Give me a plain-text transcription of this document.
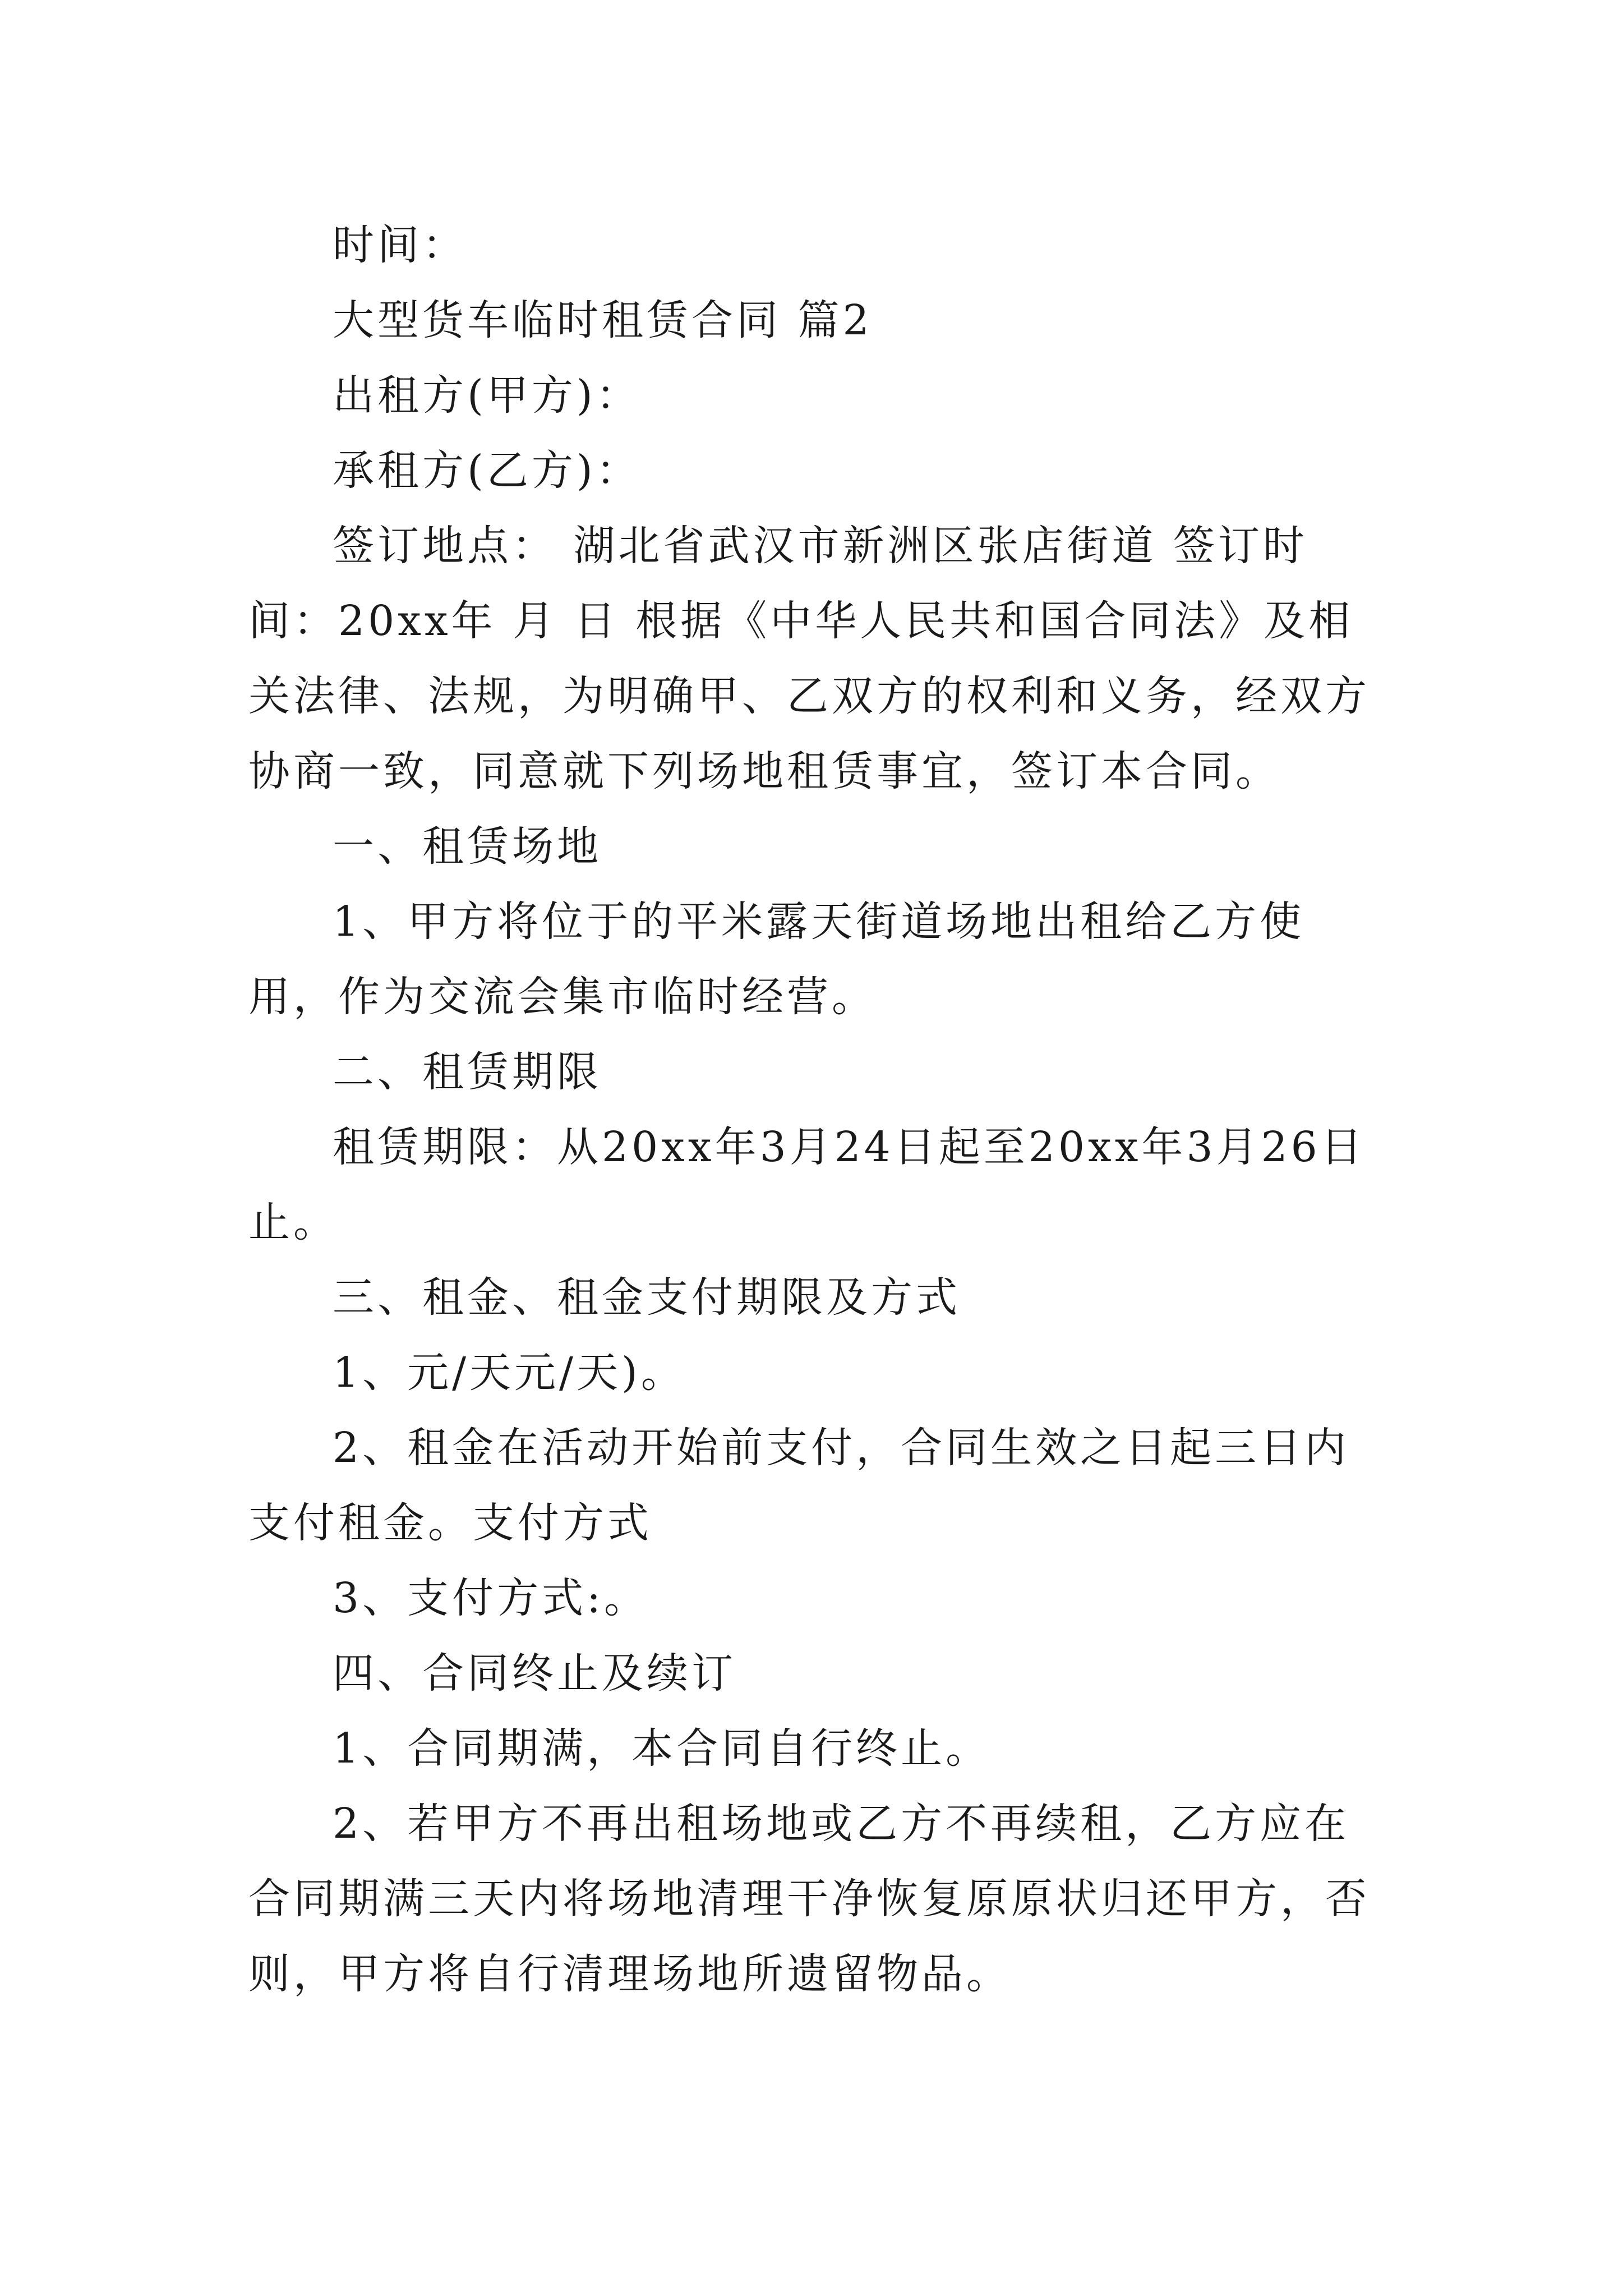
时间：

大型货车临时租赁合同 篇2

出租方(甲方)：

承租方(乙方)：

签订地点： 湖北省武汉市新洲区张店街道 签订时间：20xx年 月 日 根据《中华人民共和国合同法》及相关法律、法规，为明确甲、乙双方的权利和义务，经双方协商一致，同意就下列场地租赁事宜，签订本合同。

一、租赁场地

1、甲方将位于的平米露天街道场地出租给乙方使用，作为交流会集市临时经营。

二、租赁期限

租赁期限：从20xx年3月24日起至20xx年3月26日止。

三、租金、租金支付期限及方式

1、元/天元/天)。

2、租金在活动开始前支付，合同生效之日起三日内支付租金。支付方式

3、支付方式:。

四、合同终止及续订

1、合同期满，本合同自行终止。

2、若甲方不再出租场地或乙方不再续租，乙方应在合同期满三天内将场地清理干净恢复原原状归还甲方，否则，甲方将自行清理场地所遗留物品。
